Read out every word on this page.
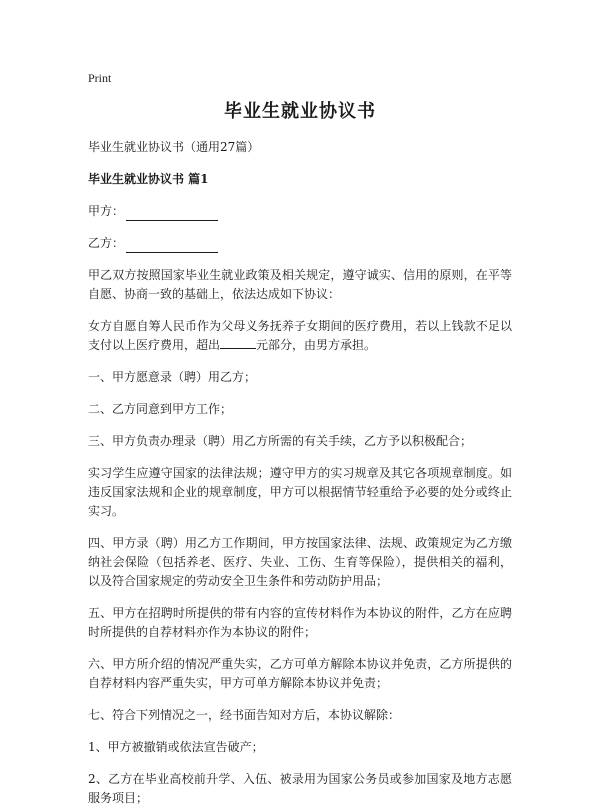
Print
毕业生就业协议书
毕业生就业协议书（通用27篇）
毕业生就业协议书 篇1
甲方：
乙方：
甲乙双方按照国家毕业生就业政策及相关规定，遵守诚实、信用的原则，在平等自愿、协商一致的基础上，依法达成如下协议：
女方自愿自筹人民币作为父母义务抚养子女期间的医疗费用，若以上钱款不足以支付以上医疗费用，超出	元部分，由男方承担。
一、甲方愿意录（聘）用乙方；
二、乙方同意到甲方工作；
三、甲方负责办理录（聘）用乙方所需的有关手续，乙方予以积极配合；
实习学生应遵守国家的法律法规；遵守甲方的实习规章及其它各项规章制度。如违反国家法规和企业的规章制度，甲方可以根据情节轻重给予必要的处分或终止实习。
四、甲方录（聘）用乙方工作期间，甲方按国家法律、法规、政策规定为乙方缴纳社会保险（包括养老、医疗、失业、工伤、生育等保险），提供相关的福利，以及符合国家规定的劳动安全卫生条件和劳动防护用品；
五、甲方在招聘时所提供的带有内容的宣传材料作为本协议的附件，乙方在应聘时所提供的自荐材料亦作为本协议的附件；
六、甲方所介绍的情况严重失实，乙方可单方解除本协议并免责，乙方所提供的自荐材料内容严重失实，甲方可单方解除本协议并免责；
七、符合下列情况之一，经书面告知对方后，本协议解除：
1、甲方被撤销或依法宣告破产；
2、乙方在毕业高校前升学、入伍、被录用为国家公务员或参加国家及地方志愿服务项目；
